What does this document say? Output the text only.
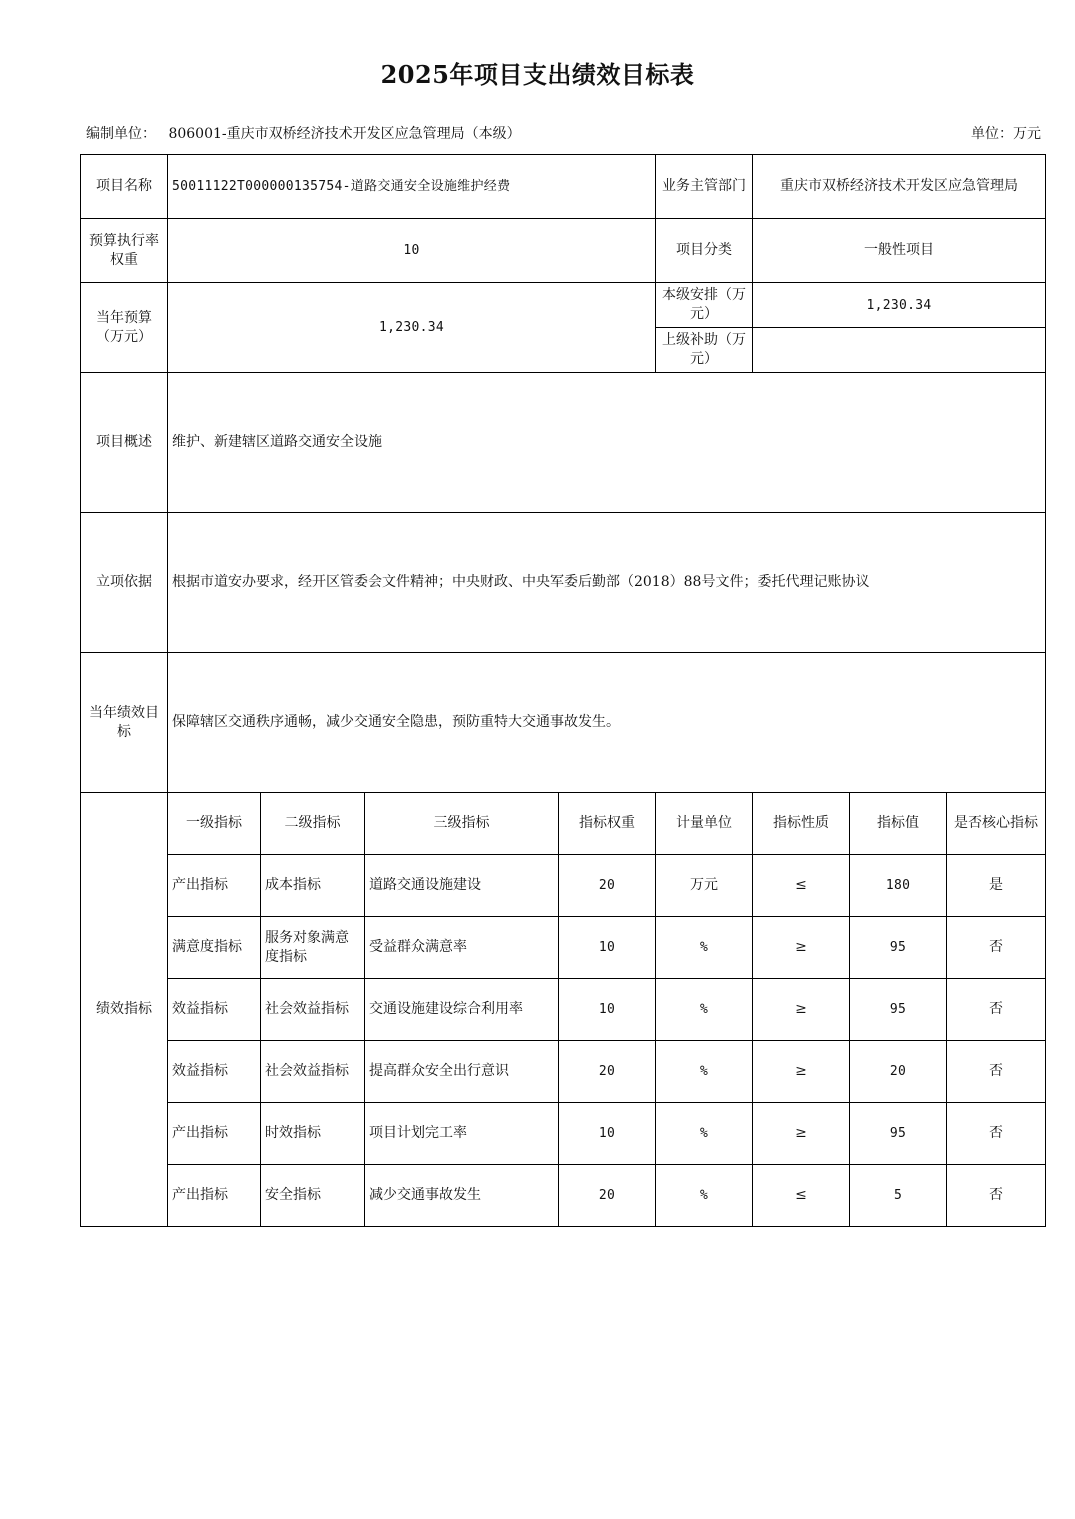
2025年项目支出绩效目标表
编制单位： 806001-重庆市双桥经济技术开发区应急管理局（本级）	单位：万元
项目名称	50011122T000000135754-道路交通安全设施维护经费				业务主管部门	重庆市双桥经济技术开发区应急管理局		
预算执行率权重	10				项目分类	一般性项目		
当年预算（万元）	1,230.34				本级安排（万元）	1,230.34		
					上级补助（万元）			
项目概述	维护、新建辖区道路交通安全设施							
立项依据	根据市道安办要求，经开区管委会文件精神；中央财政、中央军委后勤部（2018）88号文件；委托代理记账协议							
当年绩效目标	保障辖区交通秩序通畅，减少交通安全隐患，预防重特大交通事故发生。							
绩效指标	一级指标	二级指标	三级指标	指标权重	计量单位	指标性质	指标值	是否核心指标
	产出指标	成本指标	道路交通设施建设	20	万元	≤	180	是
	满意度指标	服务对象满意度指标	受益群众满意率	10	%	≥	95	否
	效益指标	社会效益指标	交通设施建设综合利用率	10	%	≥	95	否
	效益指标	社会效益指标	提高群众安全出行意识	20	%	≥	20	否
	产出指标	时效指标	项目计划完工率	10	%	≥	95	否
	产出指标	安全指标	减少交通事故发生	20	%	≤	5	否
